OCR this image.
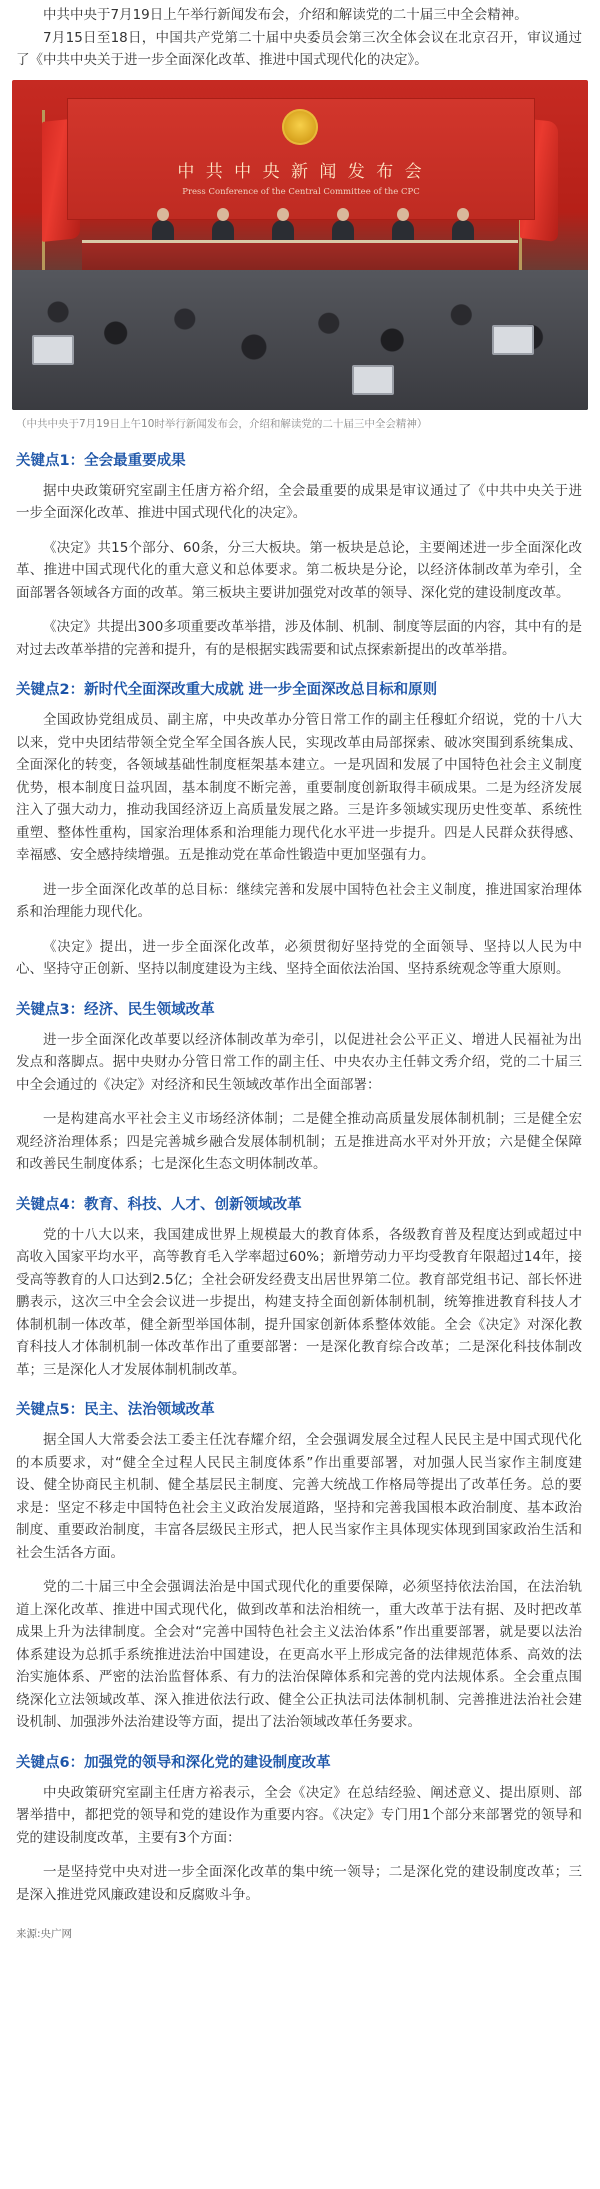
中共中央于7月19日上午举行新闻发布会，介绍和解读党的二十届三中全会精神。

7月15日至18日，中国共产党第二十届中央委员会第三次全体会议在北京召开，审议通过了《中共中央关于进一步全面深化改革、推进中国式现代化的决定》。

中 共 中 央 新 闻 发 布 会
Press Conference of the Central Committee of the CPC
（中共中央于7月19日上午10时举行新闻发布会，介绍和解读党的二十届三中全会精神）
关键点1：全会最重要成果

据中央政策研究室副主任唐方裕介绍，全会最重要的成果是审议通过了《中共中央关于进一步全面深化改革、推进中国式现代化的决定》。

《决定》共15个部分、60条，分三大板块。第一板块是总论，主要阐述进一步全面深化改革、推进中国式现代化的重大意义和总体要求。第二板块是分论，以经济体制改革为牵引，全面部署各领域各方面的改革。第三板块主要讲加强党对改革的领导、深化党的建设制度改革。

《决定》共提出300多项重要改革举措，涉及体制、机制、制度等层面的内容，其中有的是对过去改革举措的完善和提升，有的是根据实践需要和试点探索新提出的改革举措。

关键点2：新时代全面深改重大成就 进一步全面深改总目标和原则

全国政协党组成员、副主席，中央改革办分管日常工作的副主任穆虹介绍说，党的十八大以来，党中央团结带领全党全军全国各族人民，实现改革由局部探索、破冰突围到系统集成、全面深化的转变，各领域基础性制度框架基本建立。一是巩固和发展了中国特色社会主义制度优势，根本制度日益巩固，基本制度不断完善，重要制度创新取得丰硕成果。二是为经济发展注入了强大动力，推动我国经济迈上高质量发展之路。三是许多领域实现历史性变革、系统性重塑、整体性重构，国家治理体系和治理能力现代化水平进一步提升。四是人民群众获得感、幸福感、安全感持续增强。五是推动党在革命性锻造中更加坚强有力。

进一步全面深化改革的总目标：继续完善和发展中国特色社会主义制度，推进国家治理体系和治理能力现代化。

《决定》提出，进一步全面深化改革，必须贯彻好坚持党的全面领导、坚持以人民为中心、坚持守正创新、坚持以制度建设为主线、坚持全面依法治国、坚持系统观念等重大原则。

关键点3：经济、民生领域改革

进一步全面深化改革要以经济体制改革为牵引，以促进社会公平正义、增进人民福祉为出发点和落脚点。据中央财办分管日常工作的副主任、中央农办主任韩文秀介绍，党的二十届三中全会通过的《决定》对经济和民生领域改革作出全面部署：

一是构建高水平社会主义市场经济体制；二是健全推动高质量发展体制机制；三是健全宏观经济治理体系；四是完善城乡融合发展体制机制；五是推进高水平对外开放；六是健全保障和改善民生制度体系；七是深化生态文明体制改革。

关键点4：教育、科技、人才、创新领域改革

党的十八大以来，我国建成世界上规模最大的教育体系，各级教育普及程度达到或超过中高收入国家平均水平，高等教育毛入学率超过60%；新增劳动力平均受教育年限超过14年，接受高等教育的人口达到2.5亿；全社会研发经费支出居世界第二位。教育部党组书记、部长怀进鹏表示，这次三中全会会议进一步提出，构建支持全面创新体制机制，统筹推进教育科技人才体制机制一体改革，健全新型举国体制，提升国家创新体系整体效能。全会《决定》对深化教育科技人才体制机制一体改革作出了重要部署：一是深化教育综合改革；二是深化科技体制改革；三是深化人才发展体制机制改革。

关键点5：民主、法治领域改革

据全国人大常委会法工委主任沈春耀介绍，全会强调发展全过程人民民主是中国式现代化的本质要求，对“健全全过程人民民主制度体系”作出重要部署，对加强人民当家作主制度建设、健全协商民主机制、健全基层民主制度、完善大统战工作格局等提出了改革任务。总的要求是：坚定不移走中国特色社会主义政治发展道路，坚持和完善我国根本政治制度、基本政治制度、重要政治制度，丰富各层级民主形式，把人民当家作主具体现实体现到国家政治生活和社会生活各方面。

党的二十届三中全会强调法治是中国式现代化的重要保障，必须坚持依法治国，在法治轨道上深化改革、推进中国式现代化，做到改革和法治相统一，重大改革于法有据、及时把改革成果上升为法律制度。全会对“完善中国特色社会主义法治体系”作出重要部署，就是要以法治体系建设为总抓手系统推进法治中国建设，在更高水平上形成完备的法律规范体系、高效的法治实施体系、严密的法治监督体系、有力的法治保障体系和完善的党内法规体系。全会重点围绕深化立法领域改革、深入推进依法行政、健全公正执法司法体制机制、完善推进法治社会建设机制、加强涉外法治建设等方面，提出了法治领域改革任务要求。

关键点6：加强党的领导和深化党的建设制度改革

中央政策研究室副主任唐方裕表示，全会《决定》在总结经验、阐述意义、提出原则、部署举措中，都把党的领导和党的建设作为重要内容。《决定》专门用1个部分来部署党的领导和党的建设制度改革，主要有3个方面：

一是坚持党中央对进一步全面深化改革的集中统一领导；二是深化党的建设制度改革；三是深入推进党风廉政建设和反腐败斗争。

来源:央广网
